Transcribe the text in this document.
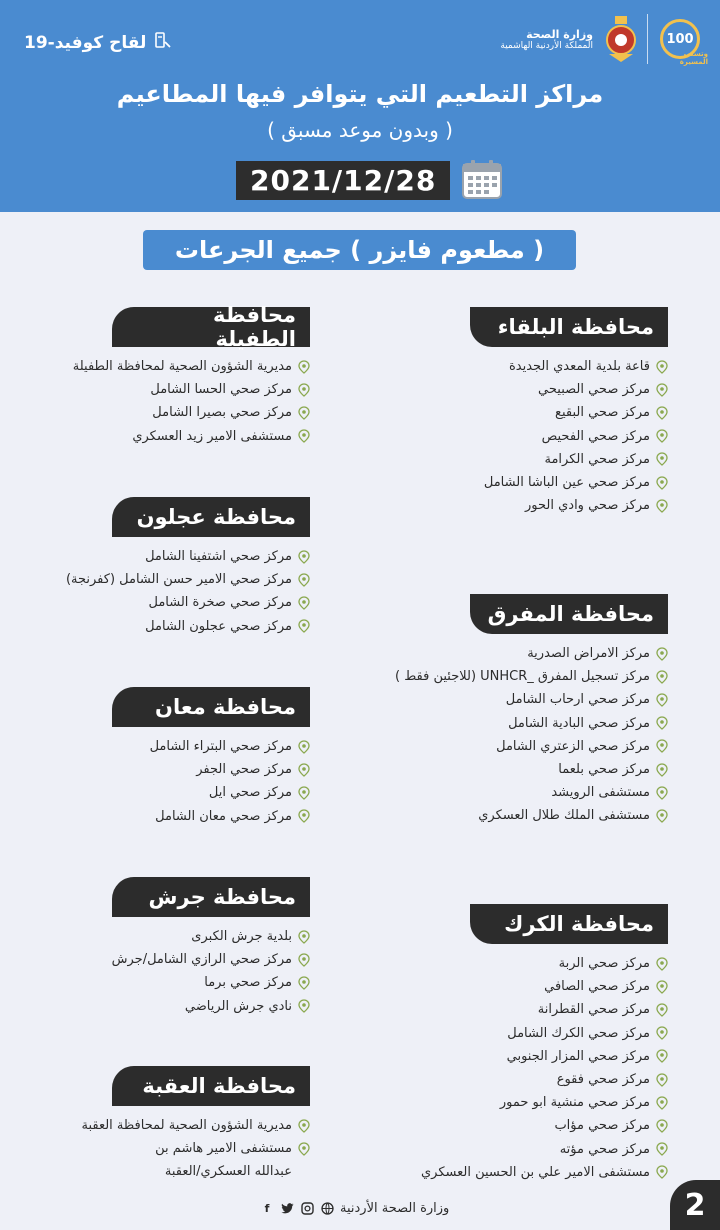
100
وتستمر المسيرة
وزارة الصحة
المملكة الأردنية الهاشمية
لقاح كوفيد-19
مراكز التطعيم التي يتوافر فيها المطاعيم
( وبدون موعد مسبق )
2021/12/28
( مطعوم فايزر ) جميع الجرعات
محافظة البلقاء
قاعة بلدية المعدي الجديدة
مركز صحي الصبيحي
مركز صحي البقيع
مركز صحي الفحيص
مركز صحي الكرامة
مركز صحي عين الباشا الشامل
مركز صحي وادي الحور
محافظة المفرق
مركز الامراض الصدرية
مركز تسجيل المفرق _UNHCR (للاجئين فقط )
مركز صحي ارحاب الشامل
مركز صحي البادية الشامل
مركز صحي الزعتري الشامل
مركز صحي بلعما
مستشفى الرويشد
مستشفى الملك طلال العسكري
محافظة الكرك
مركز صحي الربة
مركز صحي الصافي
مركز صحي القطرانة
مركز صحي الكرك الشامل
مركز صحي المزار الجنوبي
مركز صحي فقوع
مركز صحي منشية ابو حمور
مركز صحي مؤاب
مركز صحي مؤته
مستشفى الامير علي بن الحسين العسكري
محافظة الطفيلة
مديرية الشؤون الصحية لمحافظة الطفيلة
مركز صحي الحسا الشامل
مركز صحي بصيرا الشامل
مستشفى الامير زيد العسكري
محافظة عجلون
مركز صحي اشتفينا الشامل
مركز صحي الامير حسن الشامل (كفرنجة)
مركز صحي صخرة الشامل
مركز صحي عجلون الشامل
محافظة معان
مركز صحي البتراء الشامل
مركز صحي الجفر
مركز صحي ايل
مركز صحي معان الشامل
محافظة جرش
بلدية جرش الكبرى
مركز صحي الرازي الشامل/جرش
مركز صحي برما
نادي جرش الرياضي
محافظة العقبة
مديرية الشؤون الصحية لمحافظة العقبة
مستشفى الامير هاشم بن
عبدالله العسكري/العقبة
وزارة الصحة الأردنية
f	2
